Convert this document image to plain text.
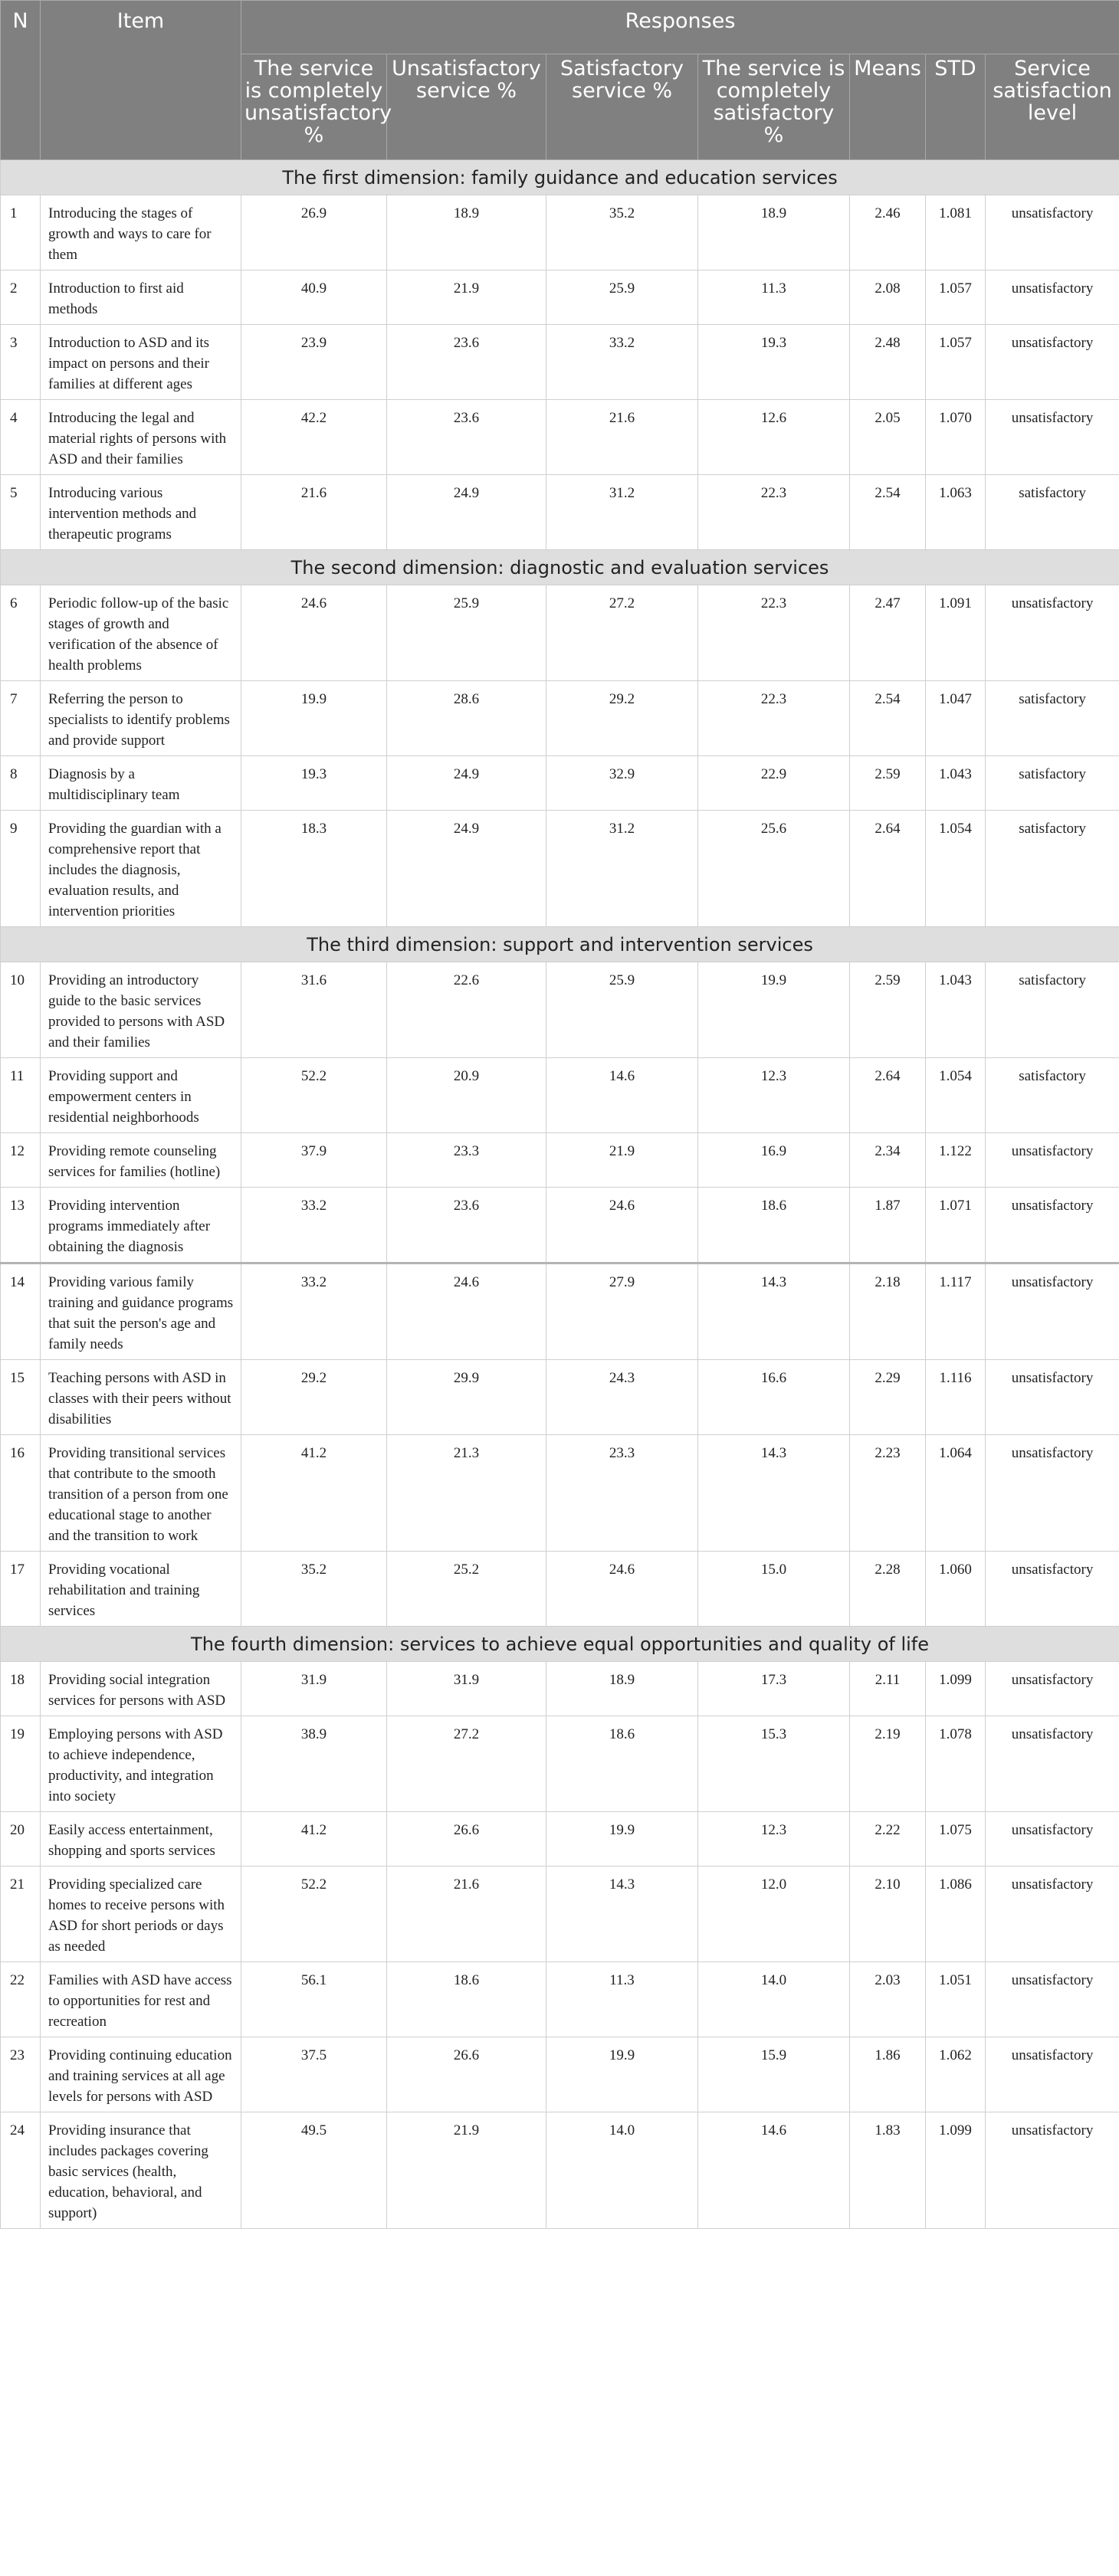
N	Item	Responses						
		The service is completely unsatisfactory %	Unsatisfactory service %	Satisfactory service %	The service is completely satisfactory %	Means	STD	Service satisfaction level
The first dimension: family guidance and education services								
1	Introducing the stages of growth and ways to care for them	26.9	18.9	35.2	18.9	2.46	1.081	unsatisfactory
2	Introduction to first aid methods	40.9	21.9	25.9	11.3	2.08	1.057	unsatisfactory
3	Introduction to ASD and its impact on persons and their families at different ages	23.9	23.6	33.2	19.3	2.48	1.057	unsatisfactory
4	Introducing the legal and material rights of persons with ASD and their families	42.2	23.6	21.6	12.6	2.05	1.070	unsatisfactory
5	Introducing various intervention methods and therapeutic programs	21.6	24.9	31.2	22.3	2.54	1.063	satisfactory
The second dimension: diagnostic and evaluation services								
6	Periodic follow-up of the basic stages of growth and verification of the absence of health problems	24.6	25.9	27.2	22.3	2.47	1.091	unsatisfactory
7	Referring the person to specialists to identify problems and provide support	19.9	28.6	29.2	22.3	2.54	1.047	satisfactory
8	Diagnosis by a multidisciplinary team	19.3	24.9	32.9	22.9	2.59	1.043	satisfactory
9	Providing the guardian with a comprehensive report that includes the diagnosis, evaluation results, and intervention priorities	18.3	24.9	31.2	25.6	2.64	1.054	satisfactory
The third dimension: support and intervention services								
10	Providing an introductory guide to the basic services provided to persons with ASD and their families	31.6	22.6	25.9	19.9	2.59	1.043	satisfactory
11	Providing support and empowerment centers in residential neighborhoods	52.2	20.9	14.6	12.3	2.64	1.054	satisfactory
12	Providing remote counseling services for families (hotline)	37.9	23.3	21.9	16.9	2.34	1.122	unsatisfactory
13	Providing intervention programs immediately after obtaining the diagnosis	33.2	23.6	24.6	18.6	1.87	1.071	unsatisfactory
14	Providing various family training and guidance programs that suit the person's age and family needs	33.2	24.6	27.9	14.3	2.18	1.117	unsatisfactory
15	Teaching persons with ASD in classes with their peers without disabilities	29.2	29.9	24.3	16.6	2.29	1.116	unsatisfactory
16	Providing transitional services that contribute to the smooth transition of a person from one educational stage to another and the transition to work	41.2	21.3	23.3	14.3	2.23	1.064	unsatisfactory
17	Providing vocational rehabilitation and training services	35.2	25.2	24.6	15.0	2.28	1.060	unsatisfactory
The fourth dimension: services to achieve equal opportunities and quality of life								
18	Providing social integration services for persons with ASD	31.9	31.9	18.9	17.3	2.11	1.099	unsatisfactory
19	Employing persons with ASD to achieve independence, productivity, and integration into society	38.9	27.2	18.6	15.3	2.19	1.078	unsatisfactory
20	Easily access entertainment, shopping and sports services	41.2	26.6	19.9	12.3	2.22	1.075	unsatisfactory
21	Providing specialized care homes to receive persons with ASD for short periods or days as needed	52.2	21.6	14.3	12.0	2.10	1.086	unsatisfactory
22	Families with ASD have access to opportunities for rest and recreation	56.1	18.6	11.3	14.0	2.03	1.051	unsatisfactory
23	Providing continuing education and training services at all age levels for persons with ASD	37.5	26.6	19.9	15.9	1.86	1.062	unsatisfactory
24	Providing insurance that includes packages covering basic services (health, education, behavioral, and support)	49.5	21.9	14.0	14.6	1.83	1.099	unsatisfactory
